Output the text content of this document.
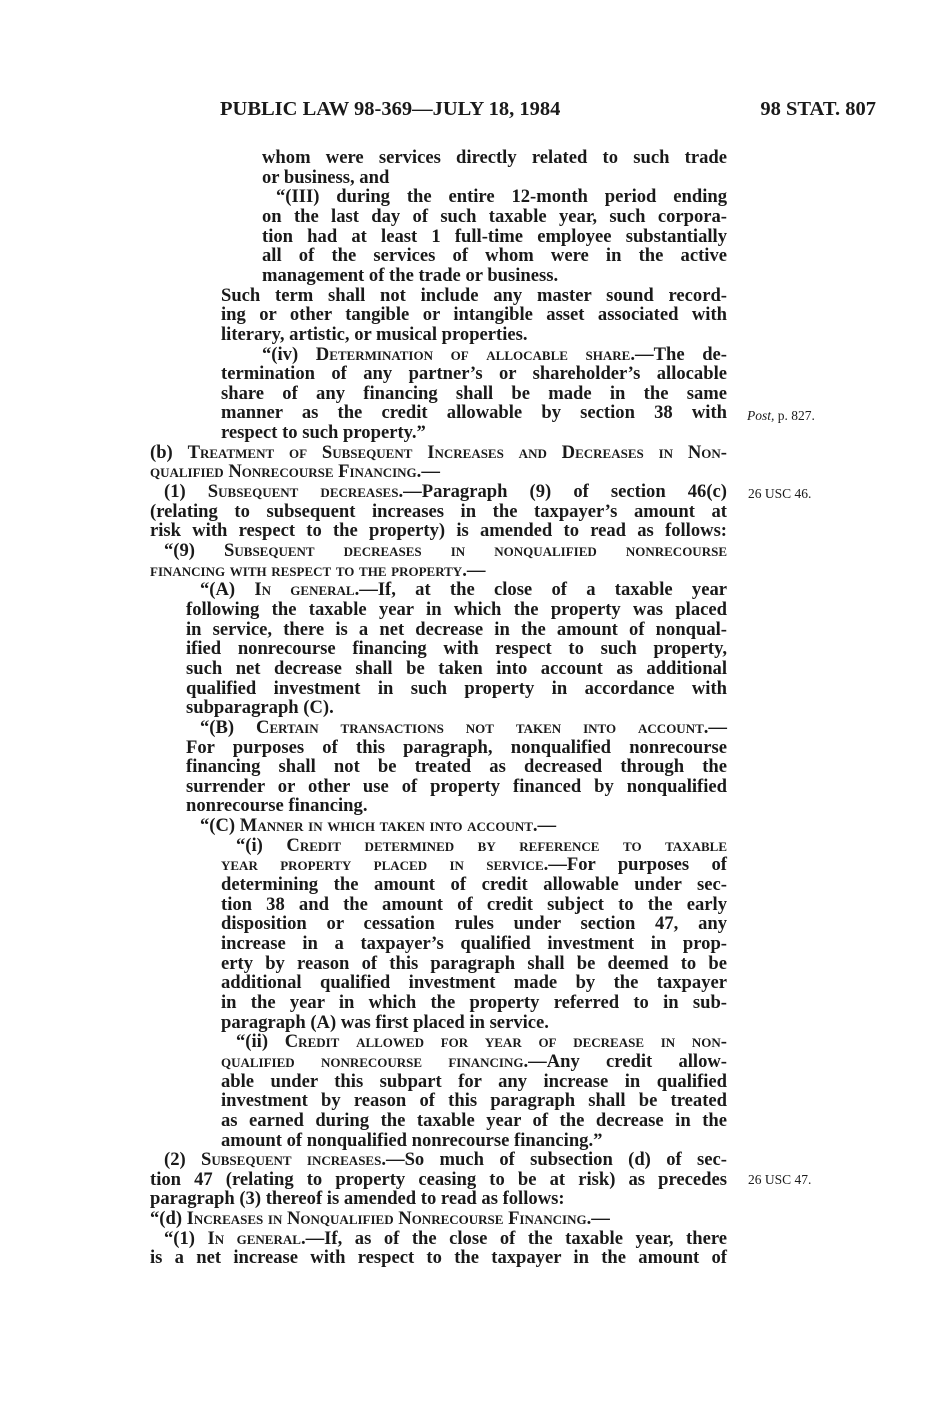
PUBLIC LAW 98-369—JULY 18, 1984	98 STAT. 807
whom were services directly related to such trade
or business, and
“(III) during the entire 12-month period ending
on the last day of such taxable year, such corpora-
tion had at least 1 full-time employee substantially
all of the services of whom were in the active
management of the trade or business.
Such term shall not include any master sound record-
ing or other tangible or intangible asset associated with
literary, artistic, or musical properties.
“(iv) Determination of allocable share.—The de-
termination of any partner’s or shareholder’s allocable
share of any financing shall be made in the same
manner as the credit allowable by section 38 with
respect to such property.”
(b) Treatment of Subsequent Increases and Decreases in Non-
qualified Nonrecourse Financing.—
(1) Subsequent decreases.—Paragraph (9) of section 46(c)
(relating to subsequent increases in the taxpayer’s amount at
risk with respect to the property) is amended to read as follows:
“(9) Subsequent decreases in nonqualified nonrecourse
financing with respect to the property.—
“(A) In general.—If, at the close of a taxable year
following the taxable year in which the property was placed
in service, there is a net decrease in the amount of nonqual-
ified nonrecourse financing with respect to such property,
such net decrease shall be taken into account as additional
qualified investment in such property in accordance with
subparagraph (C).
“(B) Certain transactions not taken into account.—
For purposes of this paragraph, nonqualified nonrecourse
financing shall not be treated as decreased through the
surrender or other use of property financed by nonqualified
nonrecourse financing.
“(C) Manner in which taken into account.—
“(i) Credit determined by reference to taxable
year property placed in service.—For purposes of
determining the amount of credit allowable under sec-
tion 38 and the amount of credit subject to the early
disposition or cessation rules under section 47, any
increase in a taxpayer’s qualified investment in prop-
erty by reason of this paragraph shall be deemed to be
additional qualified investment made by the taxpayer
in the year in which the property referred to in sub-
paragraph (A) was first placed in service.
“(ii) Credit allowed for year of decrease in non-
qualified nonrecourse financing.—Any credit allow-
able under this subpart for any increase in qualified
investment by reason of this paragraph shall be treated
as earned during the taxable year of the decrease in the
amount of nonqualified nonrecourse financing.”
(2) Subsequent increases.—So much of subsection (d) of sec-
tion 47 (relating to property ceasing to be at risk) as precedes
paragraph (3) thereof is amended to read as follows:
“(d) Increases in Nonqualified Nonrecourse Financing.—
“(1) In general.—If, as of the close of the taxable year, there
is a net increase with respect to the taxpayer in the amount of
Post, p. 827.
26 USC 46.
26 USC 47.
